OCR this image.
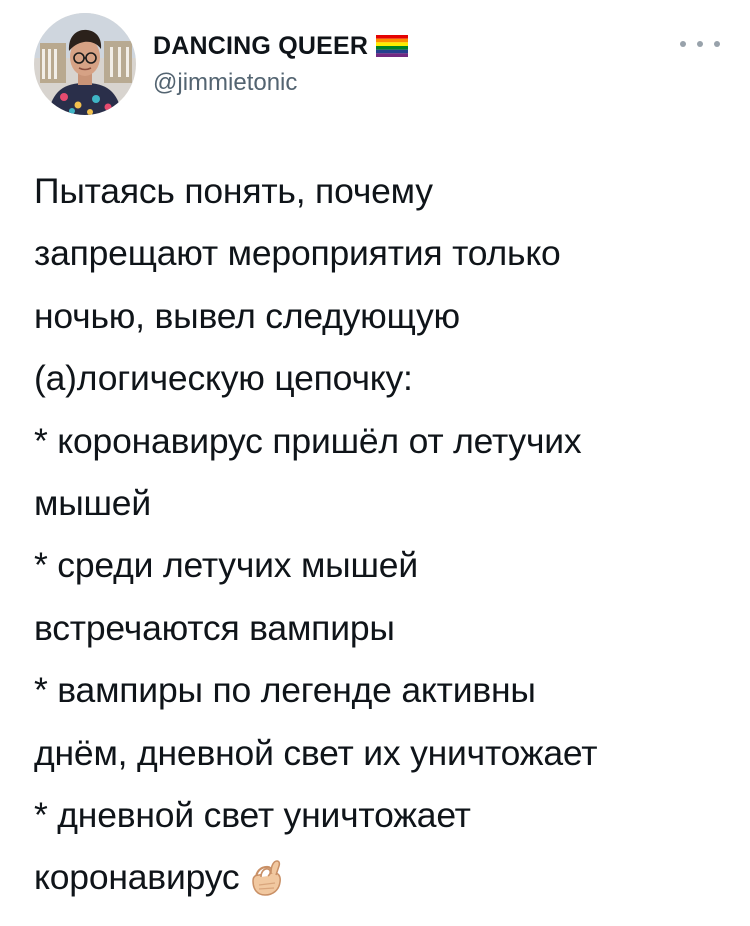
DANCING QUEER
@jimmietonic
Пытаясь понять, почему
запрещают мероприятия только
ночью, вывел следующую
(а)логическую цепочку:
* коронавирус пришёл от летучих
мышей
* среди летучих мышей
встречаются вампиры
* вампиры по легенде активны
днём, дневной свет их уничтожает
* дневной свет уничтожает
коронавирус
